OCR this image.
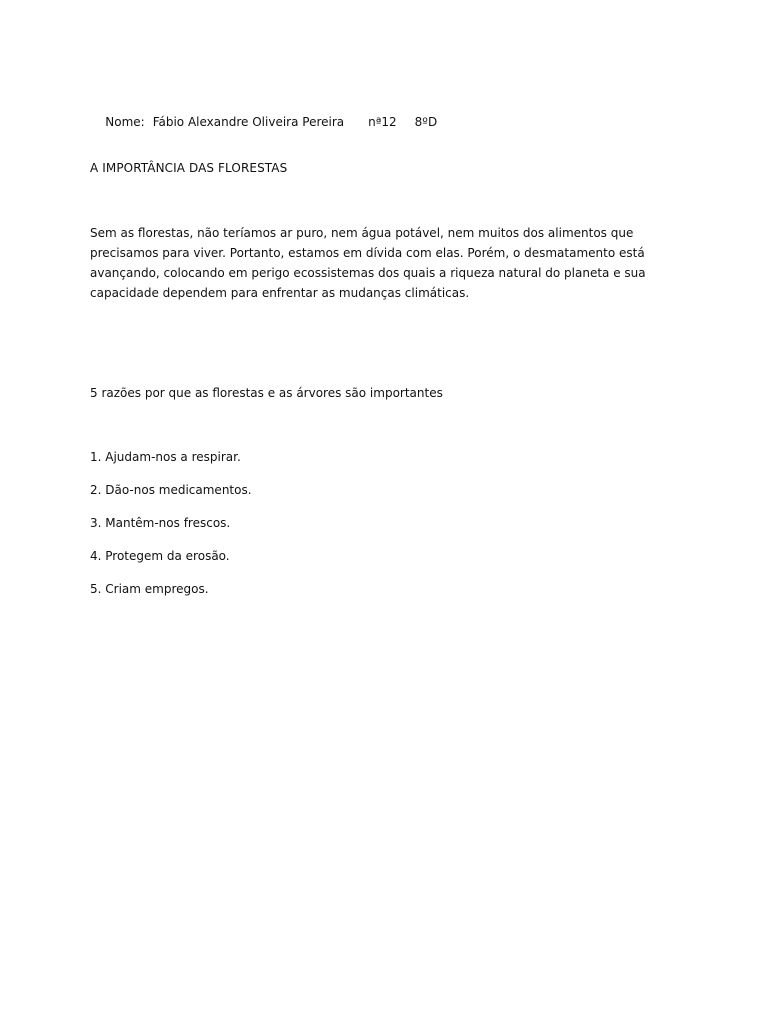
Nome: Fábio Alexandre Oliveira Pereira nª12 8ºD

A IMPORTÂNCIA DAS FLORESTAS
Sem as florestas, não teríamos ar puro, nem água potável, nem muitos dos alimentos que precisamos para viver. Portanto, estamos em dívida com elas. Porém, o desmatamento está avançando, colocando em perigo ecossistemas dos quais a riqueza natural do planeta e sua capacidade dependem para enfrentar as mudanças climáticas.
5 razões por que as florestas e as árvores são importantes
1. Ajudam-nos a respirar.
2. Dão-nos medicamentos.
3. Mantêm-nos frescos.
4. Protegem da erosão.
5. Criam empregos.
